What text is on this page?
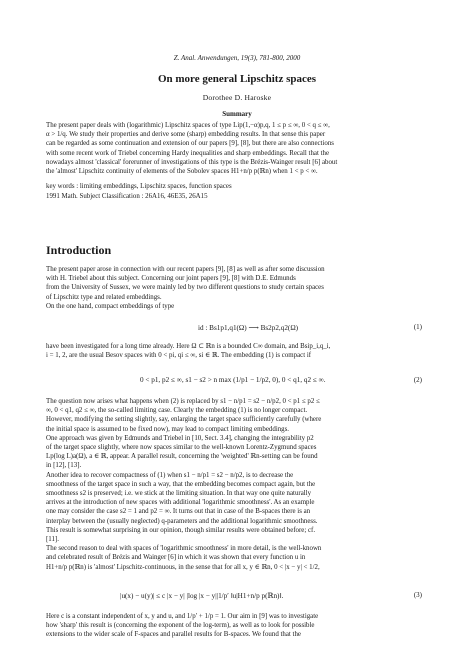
Z. Anal. Anwendungen, 19(3), 781-800, 2000
On more general Lipschitz spaces
Dorothee D. Haroske
Summary
The present paper deals with (logarithmic) Lipschitz spaces of type Lip(1,−α)p,q, 1 ≤ p ≤ ∞, 0 < q ≤ ∞,
α > 1/q. We study their properties and derive some (sharp) embedding results. In that sense this paper
can be regarded as some continuation and extension of our papers [9], [8], but there are also connections
with some recent work of Triebel concerning Hardy inequalities and sharp embeddings. Recall that the
nowadays almost 'classical' forerunner of investigations of this type is the Brézis-Wainger result [6] about
the 'almost' Lipschitz continuity of elements of the Sobolev spaces H1+n/p p(ℝn) when 1 < p < ∞.
key words : limiting embeddings, Lipschitz spaces, function spaces
1991 Math. Subject Classification : 26A16, 46E35, 26A15
Introduction
The present paper arose in connection with our recent papers [9], [8] as well as after some discussion
with H. Triebel about this subject. Concerning our joint papers [9], [8] with D.E. Edmunds
from the University of Sussex, we were mainly led by two different questions to study certain spaces
of Lipschitz type and related embeddings.
On the one hand, compact embeddings of type
id : Bs1p1,q1(Ω) ⟶ Bs2p2,q2(Ω)	(1)
have been investigated for a long time already. Here Ω ⊂ ℝn is a bounded C∞ domain, and Bsip_i,q_i,
i = 1, 2, are the usual Besov spaces with 0 < pi, qi ≤ ∞, si ∈ ℝ. The embedding (1) is compact if
0 < p1, p2 ≤ ∞, s1 − s2 > n max (1/p1 − 1/p2, 0), 0 < q1, q2 ≤ ∞.	(2)
The question now arises what happens when (2) is replaced by s1 − n/p1 = s2 − n/p2, 0 < p1 ≤ p2 ≤
∞, 0 < q1, q2 ≤ ∞, the so-called limiting case. Clearly the embedding (1) is no longer compact.
However, modifying the setting slightly, say, enlarging the target space sufficiently carefully (where
the initial space is assumed to be fixed now), may lead to compact limiting embeddings.
One approach was given by Edmunds and Triebel in [10, Sect. 3.4], changing the integrability p2
of the target space slightly, where now spaces similar to the well-known Lorentz-Zygmund spaces
Lp(log L)a(Ω), a ∈ ℝ, appear. A parallel result, concerning the 'weighted' ℝn-setting can be found
in [12], [13].
Another idea to recover compactness of (1) when s1 − n/p1 = s2 − n/p2, is to decrease the
smoothness of the target space in such a way, that the embedding becomes compact again, but the
smoothness s2 is preserved; i.e. we stick at the limiting situation. In that way one quite naturally
arrives at the introduction of new spaces with additional 'logarithmic smoothness'. As an example
one may consider the case s2 = 1 and p2 = ∞. It turns out that in case of the B-spaces there is an
interplay between the (usually neglected) q-parameters and the additional logarithmic smoothness.
This result is somewhat surprising in our opinion, though similar results were obtained before; cf.
[11].
The second reason to deal with spaces of 'logarithmic smoothness' in more detail, is the well-known
and celebrated result of Brézis and Wainger [6] in which it was shown that every function u in
H1+n/p p(ℝn) is 'almost' Lipschitz-continuous, in the sense that for all x, y ∈ ℝn, 0 < |x − y| < 1/2,
|u(x) − u(y)| ≤ c |x − y| |log |x − y||1/p′ ‖u|H1+n/p p(ℝn)‖.	(3)
Here c is a constant independent of x, y and u, and 1/p′ + 1/p = 1. Our aim in [9] was to investigate
how 'sharp' this result is (concerning the exponent of the log-term), as well as to look for possible
extensions to the wider scale of F-spaces and parallel results for B-spaces. We found that the
